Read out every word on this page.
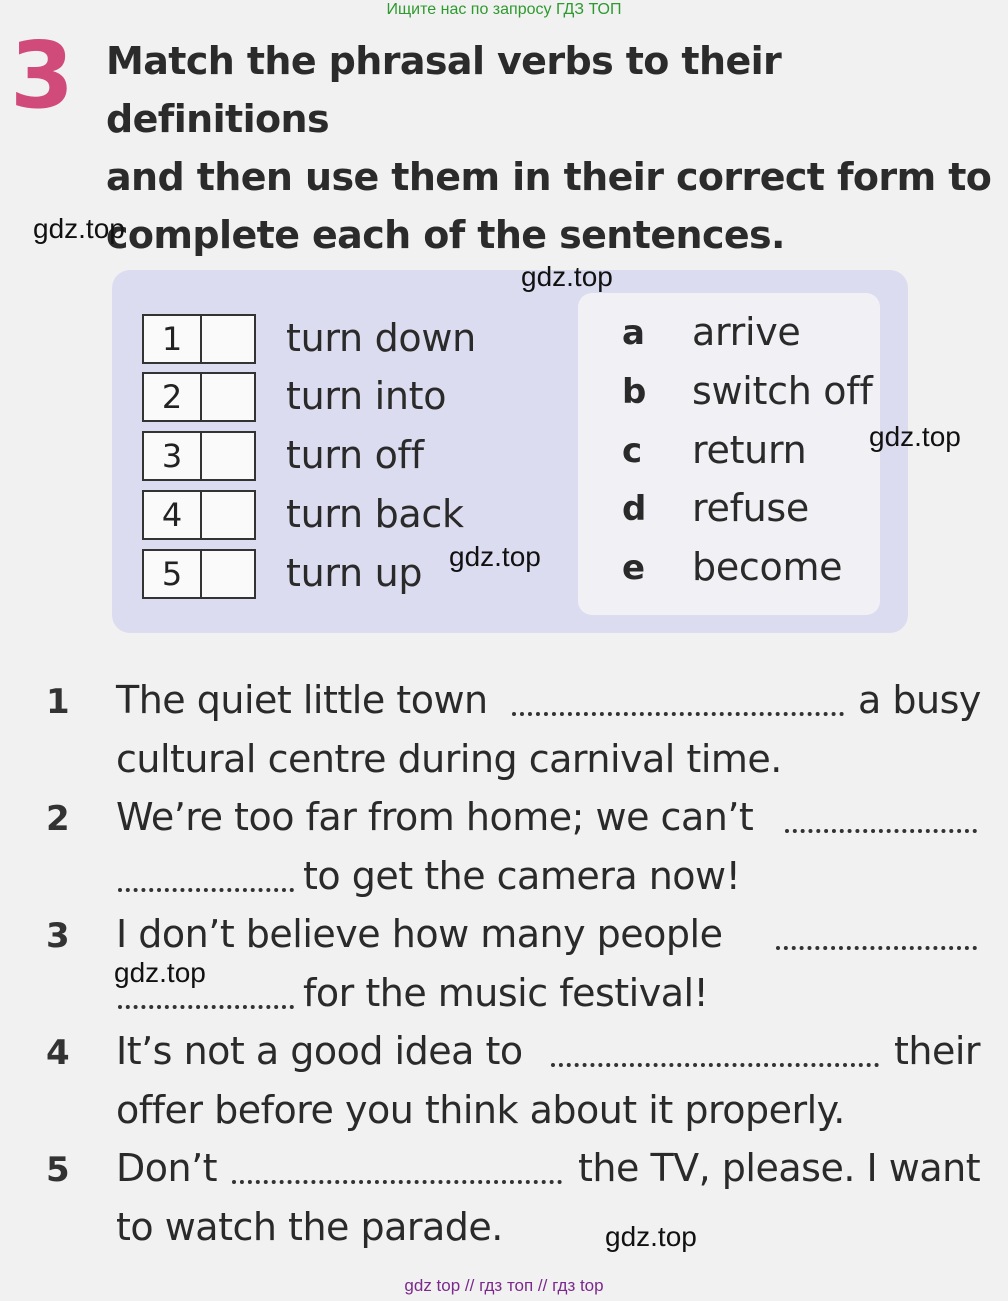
Ищите нас по запросу ГДЗ ТОП
3 Match the phrasal verbs to their definitions
and then use them in their correct form to
complete each of the sentences.
gdz.top
gdz.top
1	turn down
2	turn into
3	turn off
4	turn back
5	turn up
a arrive
b switch off
c return
d refuse
e become
gdz.top
gdz.top
1 The quiet little town	a busy
cultural centre during carnival time.
2 We’re too far from home; we can’t
to get the camera now!
3 I don’t believe how many people
for the music festival!
gdz.top
4 It’s not a good idea to	their
offer before you think about it properly.
5 Don’t	the TV, please. I want
to watch the parade.	gdz.top
gdz top // гдз топ // гдз top
